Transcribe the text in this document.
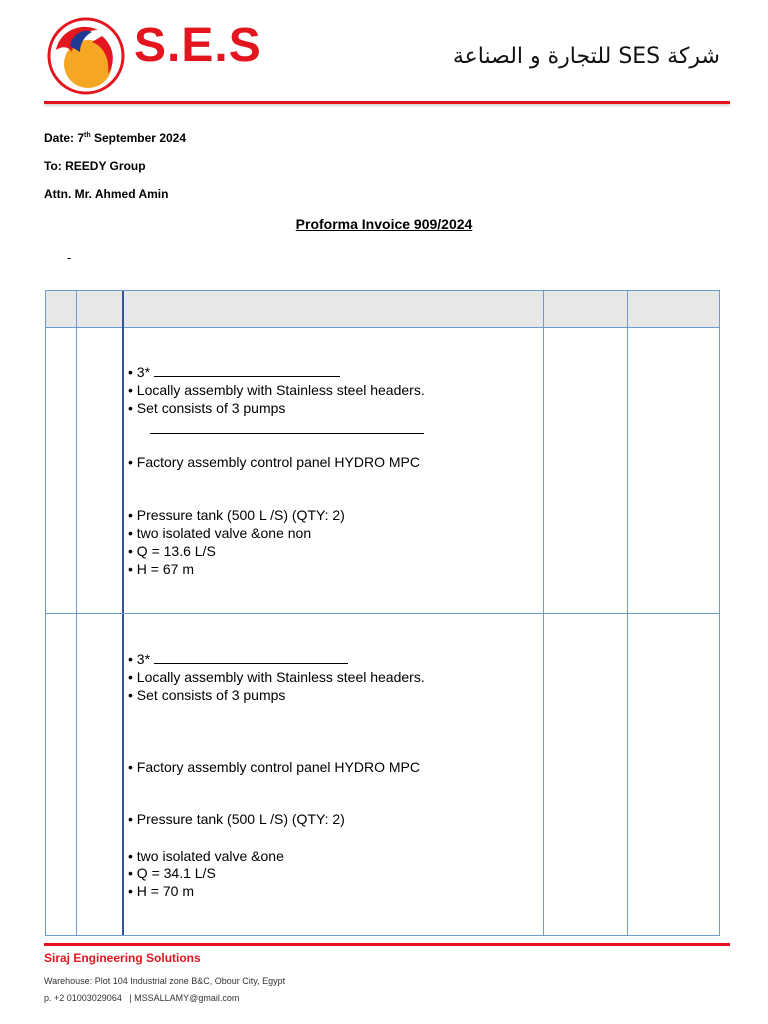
S.E.S	شركة SES للتجارة و الصناعة
Date: 7th September 2024
To: REEDY Group
Attn. Mr. Ahmed Amin
Proforma Invoice 909/2024
-
• 3*
• Locally assembly with Stainless steel headers.
• Set consists of 3 pumps
• Factory assembly control panel HYDRO MPC
• Pressure tank (500 L /S) (QTY: 2)
• two isolated valve &one non
• Q = 13.6 L/S
• H = 67 m
• 3*
• Locally assembly with Stainless steel headers.
• Set consists of 3 pumps
• Factory assembly control panel HYDRO MPC
• Pressure tank (500 L /S) (QTY: 2)
• two isolated valve &one
• Q = 34.1 L/S
• H = 70 m
Siraj Engineering Solutions
Warehouse: Plot 104 Industrial zone B&C, Obour City, Egypt
p. +2 01003029064   | MSSALLAMY@gmail.com
